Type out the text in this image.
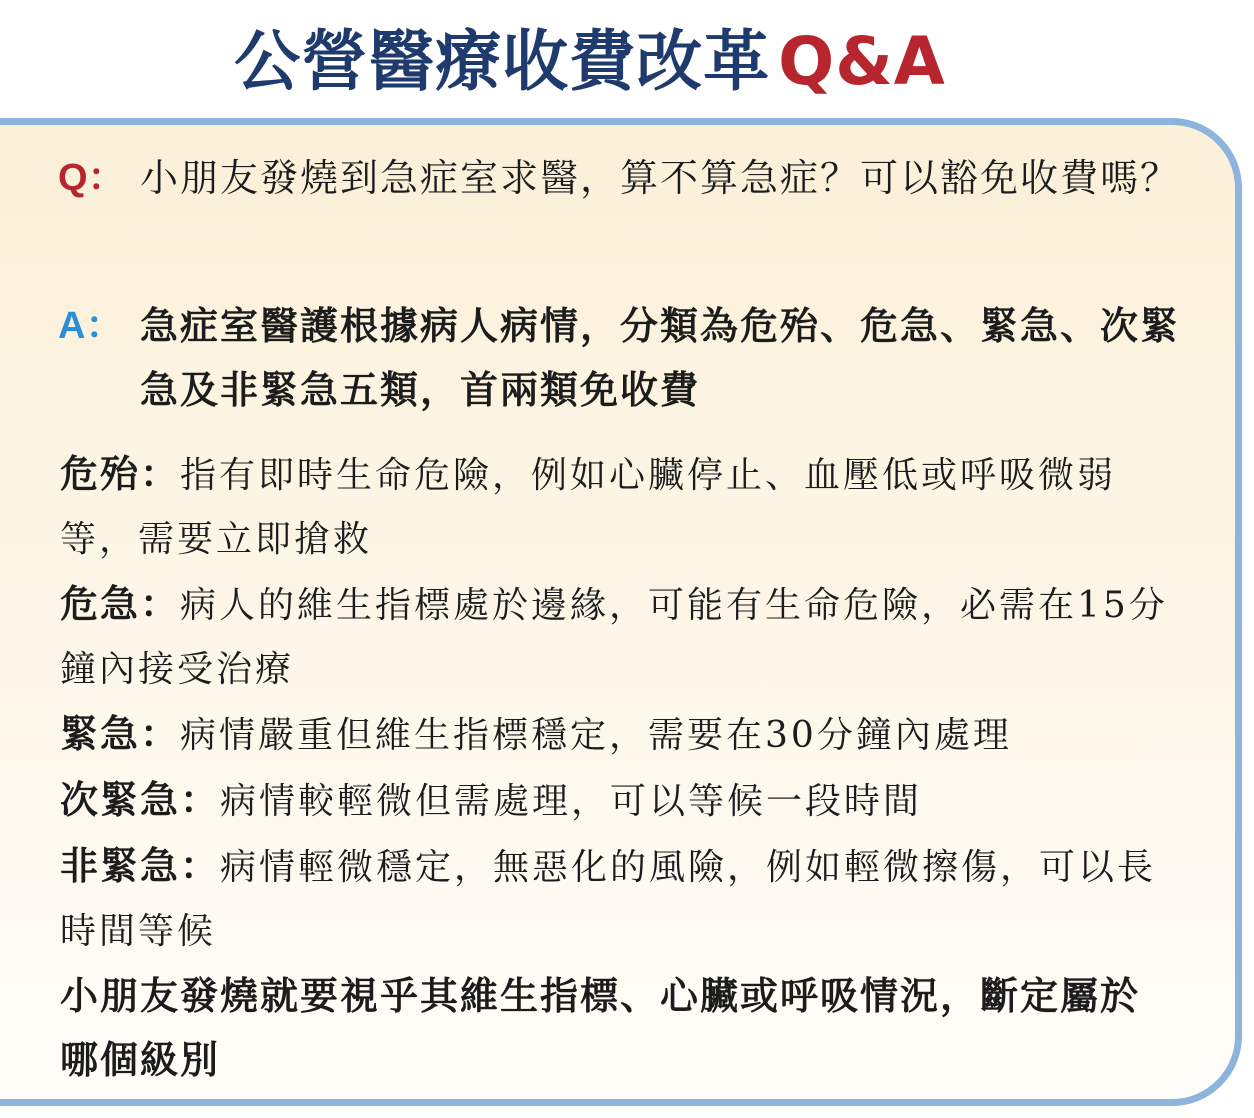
公營醫療收費改革 Q&A
Q： 小朋友發燒到急症室求醫，算不算急症？可以豁免收費嗎？
A： 急症室醫護根據病人病情，分類為危殆、危急、緊急、次緊急及非緊急五類，首兩類免收費
危殆：指有即時生命危險，例如心臟停止、血壓低或呼吸微弱等，需要立即搶救
危急：病人的維生指標處於邊緣，可能有生命危險，必需在15分鐘內接受治療
緊急：病情嚴重但維生指標穩定，需要在30分鐘內處理
次緊急：病情較輕微但需處理，可以等候一段時間
非緊急：病情輕微穩定，無惡化的風險，例如輕微擦傷，可以長時間等候
小朋友發燒就要視乎其維生指標、心臟或呼吸情況，斷定屬於哪個級別
